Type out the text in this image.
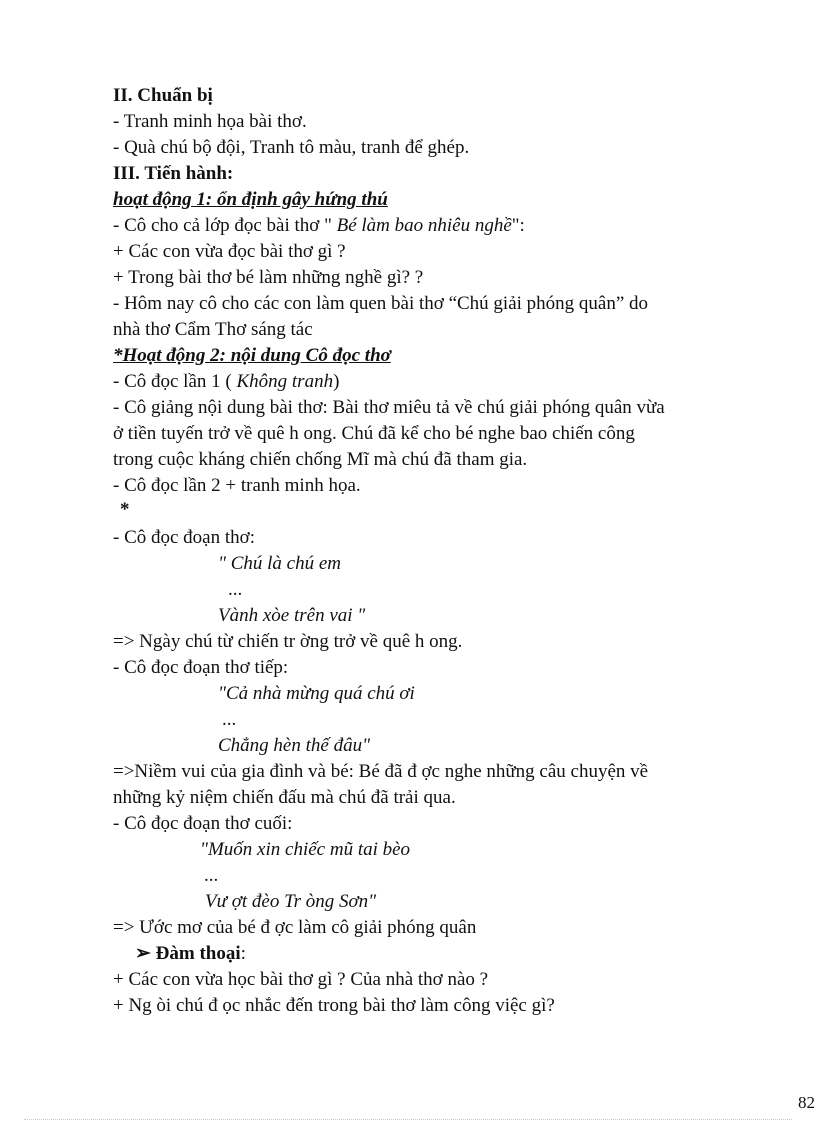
II. Chuẩn bị
- Tranh minh họa bài thơ.
- Quà chú bộ đội, Tranh tô màu, tranh để ghép.
III. Tiến hành:
hoạt động 1: ổn định gây hứng thú
- Cô cho cả lớp đọc bài thơ " Bé làm bao nhiêu nghề":
+ Các con vừa đọc bài thơ gì ?
+ Trong bài thơ bé làm những nghề gì? ?
- Hôm nay cô cho các con làm quen bài thơ “Chú giải phóng quân” do
nhà thơ Cẩm Thơ sáng tác
*Hoạt động 2: nội dung Cô đọc thơ
- Cô đọc lần 1 ( Không tranh)
- Cô giảng nội dung bài thơ: Bài thơ miêu tả về chú giải phóng quân vừa
ở tiền tuyến trở về quê h ong. Chú đã kể cho bé nghe bao chiến công
trong cuộc kháng chiến chống Mĩ mà chú đã tham gia.
- Cô đọc lần 2 + tranh minh họa.
*
- Cô đọc đoạn thơ:
" Chú là chú em
...
Vành xòe trên vai "
=> Ngày chú từ chiến tr ờng trở về quê h ong.
- Cô đọc đoạn thơ tiếp:
"Cả nhà mừng quá chú ơi
...
Chẳng hèn thế đâu"
=>Niềm vui của gia đình và bé: Bé đã đ ợc nghe những câu chuyện về
những kỷ niệm chiến đấu mà chú đã trải qua.
- Cô đọc đoạn thơ cuối:
"Muốn xin chiếc mũ tai bèo
...
Vư ợt đèo Tr òng Sơn"
=> Ước mơ của bé đ ợc làm cô giải phóng quân
➢ Đàm thoại:
+ Các con vừa học bài thơ gì ? Của nhà thơ nào ?
+ Ng òi chú đ ọc nhắc đến trong bài thơ làm công việc gì?
82
